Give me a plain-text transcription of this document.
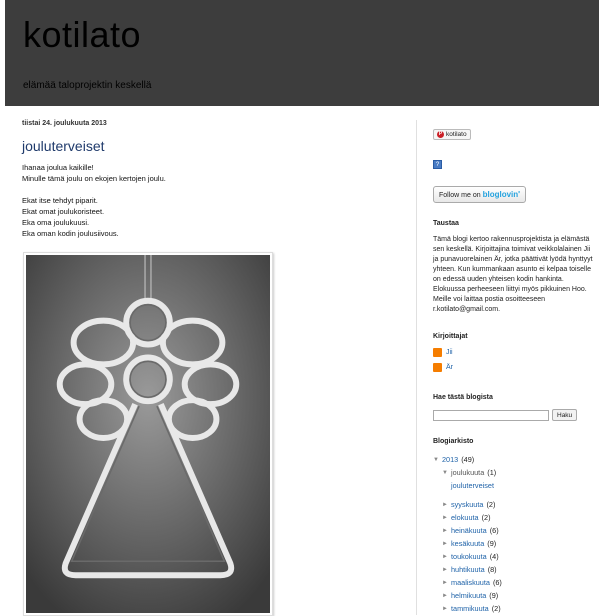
kotilato
elämää taloprojektin keskellä
tiistai 24. joulukuuta 2013
jouluterveiset

Ihanaa joulua kaikille!
Minulle tämä joulu on ekojen kertojen joulu.

Ekat itse tehdyt piparit.
Ekat omat joulukoristeet.
Eka oma joulukuusi.
Eka oman kodin joulusiivous.

P kotilato
?
Follow me on bloglovin'
Taustaa
Tämä blogi kertoo rakennusprojektista ja elämästä sen keskellä. Kirjoittajina toimivat veikkolalainen Jii ja punavuorelainen Är, jotka päättivät lyödä hynttyyt yhteen. Kun kummankaan asunto ei kelpaa toiselle on edessä uuden yhteisen kodin hankinta. Elokuussa perheeseen liittyi myös pikkuinen Hoo. Meille voi laittaa postia osoitteeseen r.kotilato@gmail.com.
Kirjoittajat
Jii
Är
Hae tästä blogista
Haku
Blogiarkisto
▼ 2013 (49)
▼ joulukuuta (1)
jouluterveiset
► syyskuuta (2)
► elokuuta (2)
► heinäkuuta (6)
► kesäkuuta (9)
► toukokuuta (4)
► huhtikuuta (8)
► maaliskuuta (6)
► helmikuuta (9)
► tammikuuta (2)
